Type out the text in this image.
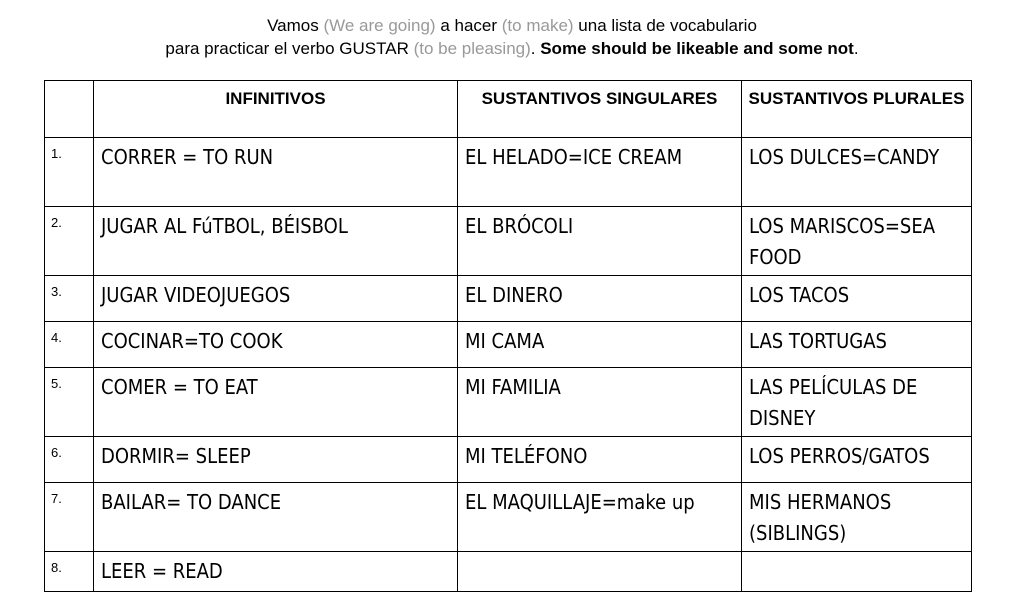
Vamos (We are going) a hacer (to make) una lista de vocabulario
para practicar el verbo GUSTAR (to be pleasing). Some should be likeable and some not.
	INFINITIVOS	SUSTANTIVOS SINGULARES	SUSTANTIVOS PLURALES
1.	CORRER = TO RUN	EL HELADO=ICE CREAM	LOS DULCES=CANDY
2.	JUGAR AL FúTBOL, BÉISBOL	EL BRÓCOLI	LOS MARISCOS=SEA FOOD
3.	JUGAR VIDEOJUEGOS	EL DINERO	LOS TACOS
4.	COCINAR=TO COOK	MI CAMA	LAS TORTUGAS
5.	COMER = TO EAT	MI FAMILIA	LAS PELÍCULAS DE DISNEY
6.	DORMIR= SLEEP	MI TELÉFONO	LOS PERROS/GATOS
7.	BAILAR= TO DANCE	EL MAQUILLAJE=make up	MIS HERMANOS (SIBLINGS)
8.	LEER = READ		
